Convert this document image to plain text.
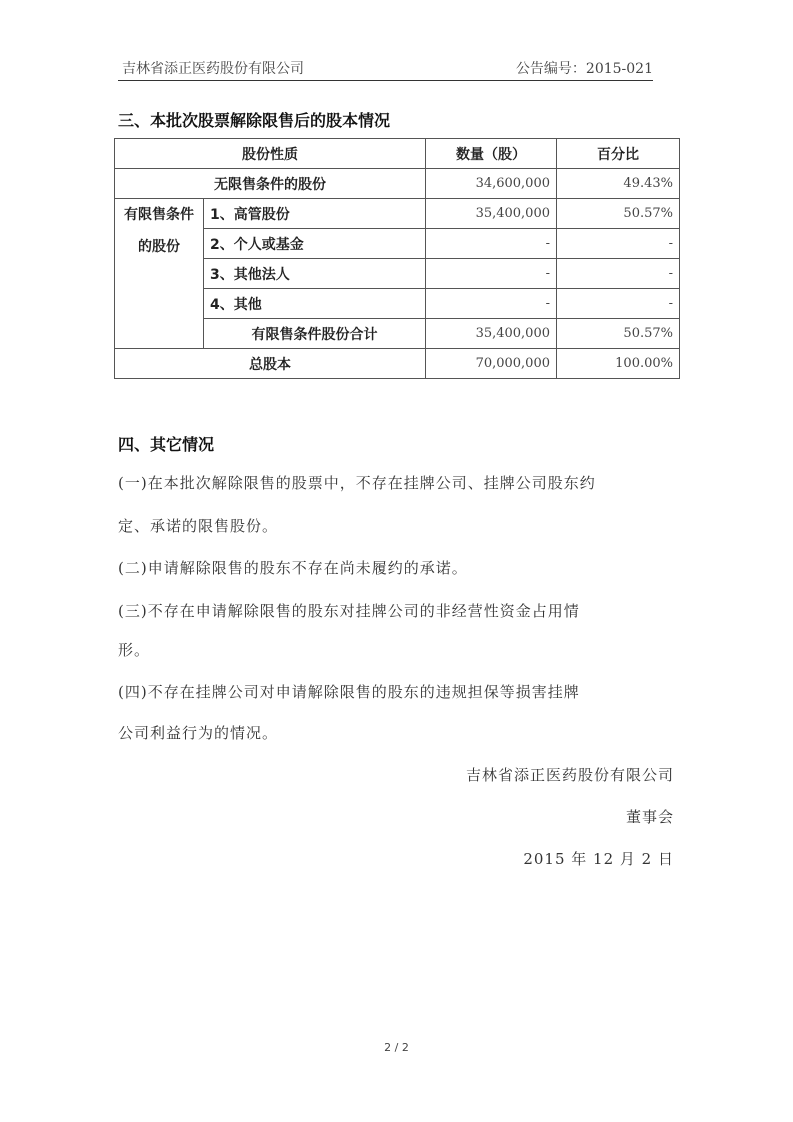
吉林省添正医药股份有限公司	公告编号：2015-021
三、本批次股票解除限售后的股本情况
股份性质		数量（股）	百分比
无限售条件的股份		34,600,000	49.43%
有限售条件的股份	1、高管股份	35,400,000	50.57%
	2、个人或基金	-	-
	3、其他法人	-	-
	4、其他	-	-
	有限售条件股份合计	35,400,000	50.57%
总股本		70,000,000	100.00%
四、其它情况
(一)在本批次解除限售的股票中，不存在挂牌公司、挂牌公司股东约
定、承诺的限售股份。
(二)申请解除限售的股东不存在尚未履约的承诺。
(三)不存在申请解除限售的股东对挂牌公司的非经营性资金占用情
形。
(四)不存在挂牌公司对申请解除限售的股东的违规担保等损害挂牌
公司利益行为的情况。
吉林省添正医药股份有限公司
董事会
2015 年 12 月 2 日
2 / 2
